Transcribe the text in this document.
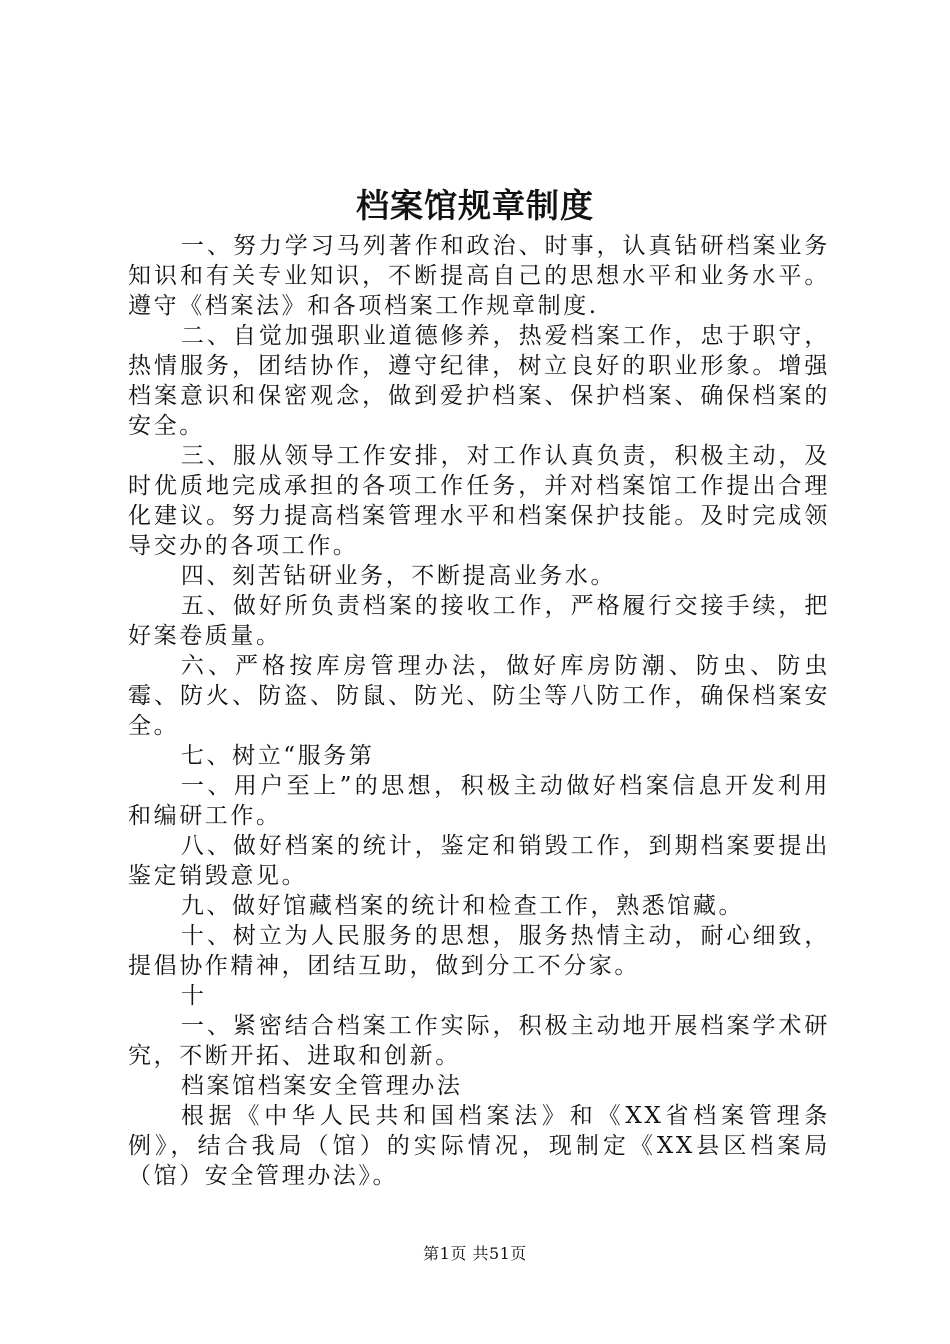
档案馆规章制度

一、努力学习马列著作和政治、时事，认真钻研档案业务知识和有关专业知识，不断提高自己的思想水平和业务水平。遵守《档案法》和各项档案工作规章制度.

二、自觉加强职业道德修养，热爱档案工作，忠于职守，热情服务，团结协作，遵守纪律，树立良好的职业形象。增强档案意识和保密观念，做到爱护档案、保护档案、确保档案的安全。

三、服从领导工作安排，对工作认真负责，积极主动，及时优质地完成承担的各项工作任务，并对档案馆工作提出合理化建议。努力提高档案管理水平和档案保护技能。及时完成领导交办的各项工作。

四、刻苦钻研业务，不断提高业务水。

五、做好所负责档案的接收工作，严格履行交接手续，把好案卷质量。

六、严格按库房管理办法，做好库房防潮、防虫、防虫霉、防火、防盗、防鼠、防光、防尘等八防工作，确保档案安全。

七、树立“服务第

一、用户至上”的思想，积极主动做好档案信息开发利用和编研工作。

八、做好档案的统计，鉴定和销毁工作，到期档案要提出鉴定销毁意见。

九、做好馆藏档案的统计和检查工作，熟悉馆藏。

十、树立为人民服务的思想，服务热情主动，耐心细致，提倡协作精神，团结互助，做到分工不分家。

十

一、紧密结合档案工作实际，积极主动地开展档案学术研究，不断开拓、进取和创新。

档案馆档案安全管理办法

根据《中华人民共和国档案法》和《XX省档案管理条例》，结合我局（馆）的实际情况，现制定《XX县区档案局（馆）安全管理办法》。

第1页 共51页
